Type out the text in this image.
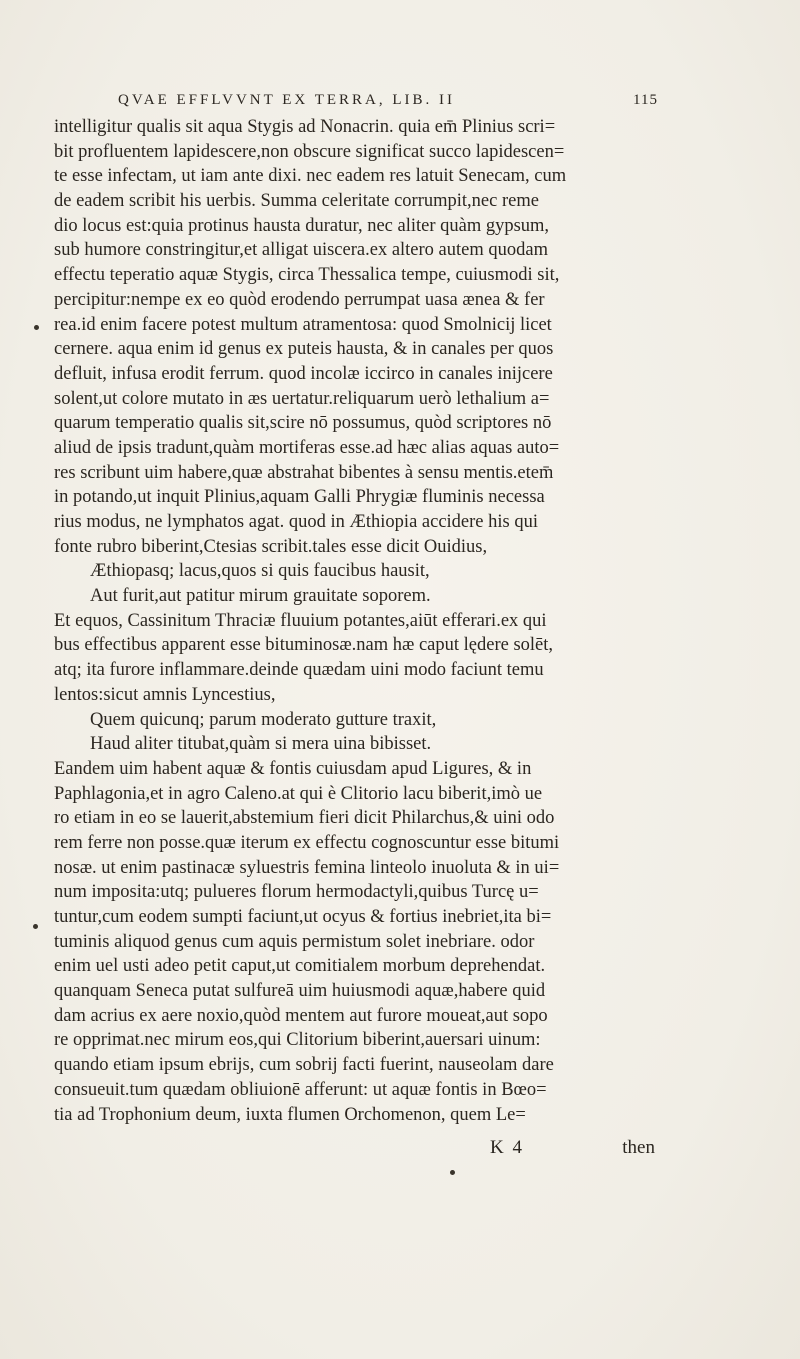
QVAE EFFLVVNT EX TERRA, LIB. II	115
intelligitur qualis sit aqua Stygis ad Nonacrin. quia em̄ Plinius scri=
bit profluentem lapidescere,non obscure significat succo lapidescen=
te esse infectam, ut iam ante dixi. nec eadem res latuit Senecam, cum
de eadem scribit his uerbis. Summa celeritate corrumpit,nec reme
dio locus est:quia protinus hausta duratur, nec aliter quàm gypsum,
sub humore constringitur,et alligat uiscera.ex altero autem quodam
effectu teperatio aquæ Stygis, circa Thessalica tempe, cuiusmodi sit,
percipitur:nempe ex eo quòd erodendo perrumpat uasa ænea & fer
rea.id enim facere potest multum atramentosa: quod Smolnicij licet
cernere. aqua enim id genus ex puteis hausta, & in canales per quos
defluit, infusa erodit ferrum. quod incolæ iccirco in canales inijcere
solent,ut colore mutato in æs uertatur.reliquarum uerò lethalium a=
quarum temperatio qualis sit,scire nō possumus, quòd scriptores nō
aliud de ipsis tradunt,quàm mortiferas esse.ad hæc alias aquas auto=
res scribunt uim habere,quæ abstrahat bibentes à sensu mentis.etem̄
in potando,ut inquit Plinius,aquam Galli Phrygiæ fluminis necessa
rius modus, ne lymphatos agat. quod in Æthiopia accidere his qui
fonte rubro biberint,Ctesias scribit.tales esse dicit Ouidius,
Æthiopasq; lacus,quos si quis faucibus hausit,
Aut furit,aut patitur mirum grauitate soporem.
Et equos, Cassinitum Thraciæ fluuium potantes,aiūt efferari.ex qui
bus effectibus apparent esse bituminosæ.nam hæ caput lędere solēt,
atq; ita furore inflammare.deinde quædam uini modo faciunt temu
lentos:sicut amnis Lyncestius,
Quem quicunq; parum moderato gutture traxit,
Haud aliter titubat,quàm si mera uina bibisset.
Eandem uim habent aquæ & fontis cuiusdam apud Ligures, & in
Paphlagonia,et in agro Caleno.at qui è Clitorio lacu biberit,imò ue
ro etiam in eo se lauerit,abstemium fieri dicit Philarchus,& uini odo
rem ferre non posse.quæ iterum ex effectu cognoscuntur esse bitumi
nosæ. ut enim pastinacæ syluestris femina linteolo inuoluta & in ui=
num imposita:utq; pulueres florum hermodactyli,quibus Turcę u=
tuntur,cum eodem sumpti faciunt,ut ocyus & fortius inebriet,ita bi=
tuminis aliquod genus cum aquis permistum solet inebriare. odor
enim uel usti adeo petit caput,ut comitialem morbum deprehendat.
quanquam Seneca putat sulfureā uim huiusmodi aquæ,habere quid
dam acrius ex aere noxio,quòd mentem aut furore moueat,aut sopo
re opprimat.nec mirum eos,qui Clitorium biberint,auersari uinum:
quando etiam ipsum ebrijs, cum sobrij facti fuerint, nauseolam dare
consueuit.tum quædam obliuionē afferunt: ut aquæ fontis in Bœo=
tia ad Trophonium deum, iuxta flumen Orchomenon, quem Le=
K 4	then
